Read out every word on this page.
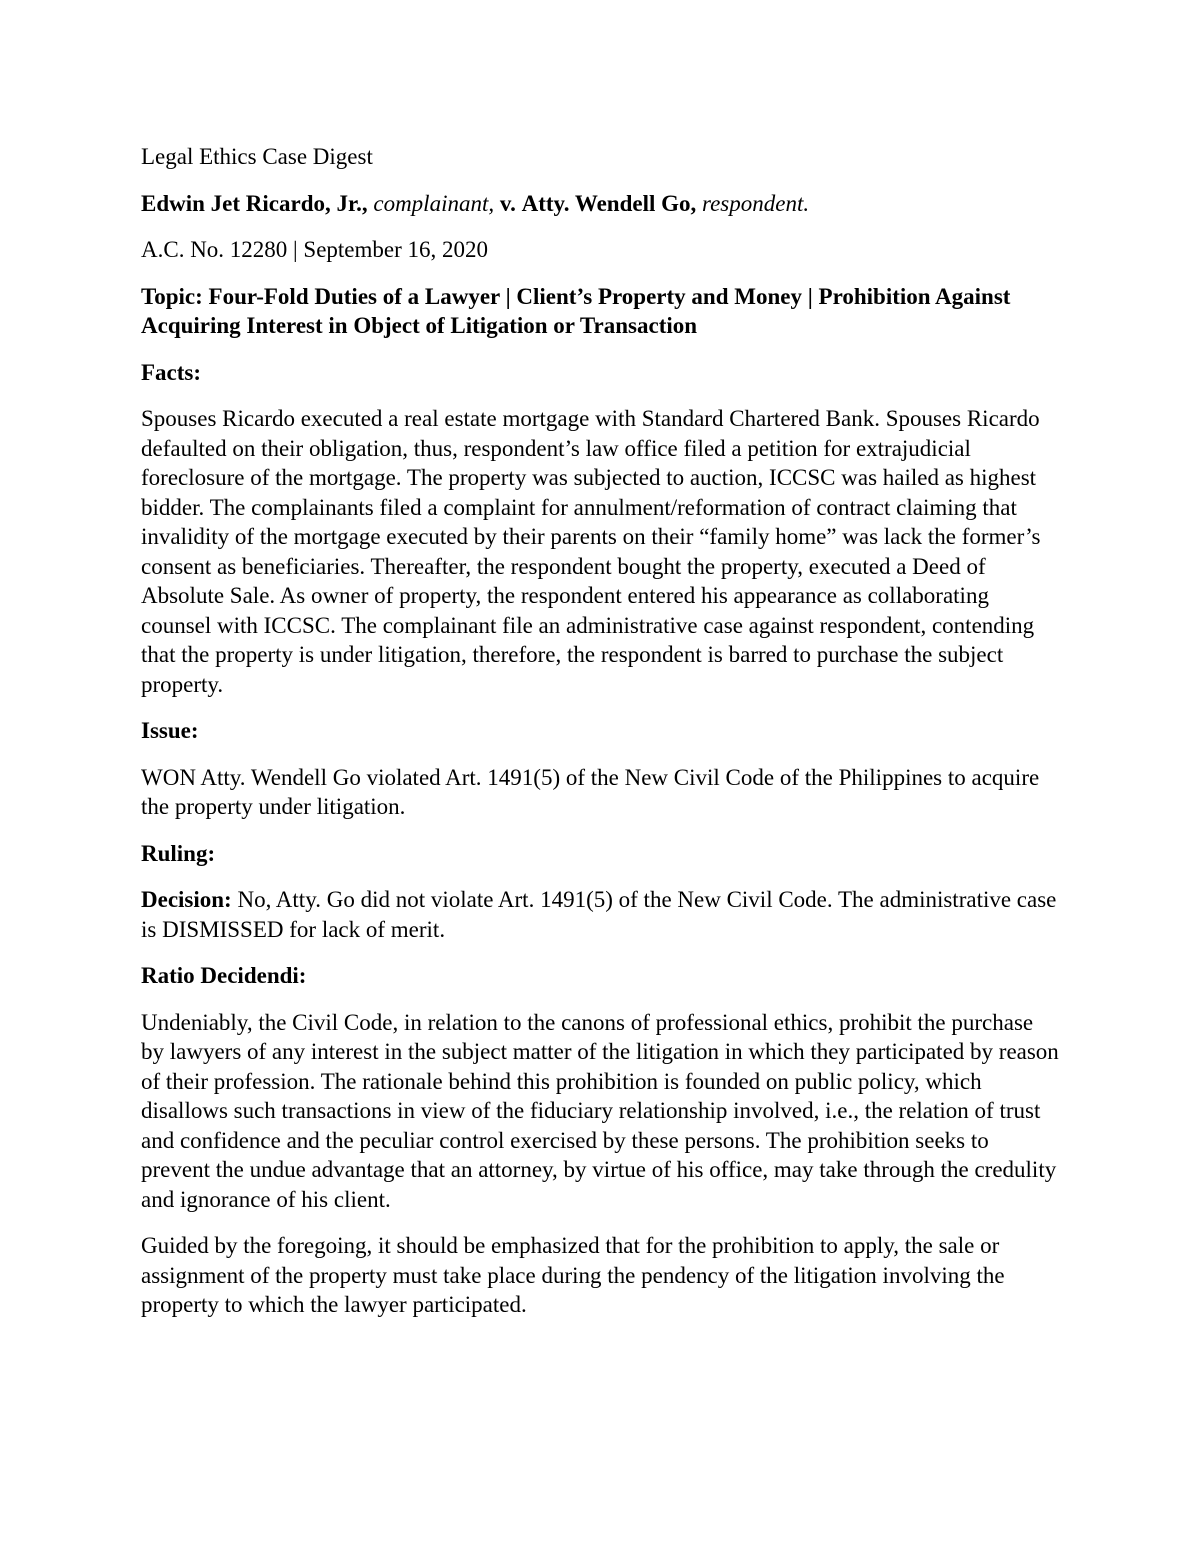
Legal Ethics Case Digest

Edwin Jet Ricardo, Jr., complainant, v. Atty. Wendell Go, respondent.

A.C. No. 12280 | September 16, 2020

Topic: Four-Fold Duties of a Lawyer | Client’s Property and Money | Prohibition Against Acquiring Interest in Object of Litigation or Transaction

Facts:

Spouses Ricardo executed a real estate mortgage with Standard Chartered Bank. Spouses Ricardo defaulted on their obligation, thus, respondent’s law office filed a petition for extrajudicial foreclosure of the mortgage. The property was subjected to auction, ICCSC was hailed as highest bidder. The complainants filed a complaint for annulment/reformation of contract claiming that invalidity of the mortgage executed by their parents on their “family home” was lack the former’s consent as beneficiaries. Thereafter, the respondent bought the property, executed a Deed of Absolute Sale. As owner of property, the respondent entered his appearance as collaborating counsel with ICCSC. The complainant file an administrative case against respondent, contending that the property is under litigation, therefore, the respondent is barred to purchase the subject property.

Issue:

WON Atty. Wendell Go violated Art. 1491(5) of the New Civil Code of the Philippines to acquire the property under litigation.

Ruling:

Decision: No, Atty. Go did not violate Art. 1491(5) of the New Civil Code. The administrative case is DISMISSED for lack of merit.

Ratio Decidendi:

Undeniably, the Civil Code, in relation to the canons of professional ethics, prohibit the purchase by lawyers of any interest in the subject matter of the litigation in which they participated by reason of their profession. The rationale behind this prohibition is founded on public policy, which disallows such transactions in view of the fiduciary relationship involved, i.e., the relation of trust and confidence and the peculiar control exercised by these persons. The prohibition seeks to prevent the undue advantage that an attorney, by virtue of his office, may take through the credulity and ignorance of his client.

Guided by the foregoing, it should be emphasized that for the prohibition to apply, the sale or assignment of the property must take place during the pendency of the litigation involving the property to which the lawyer participated.
